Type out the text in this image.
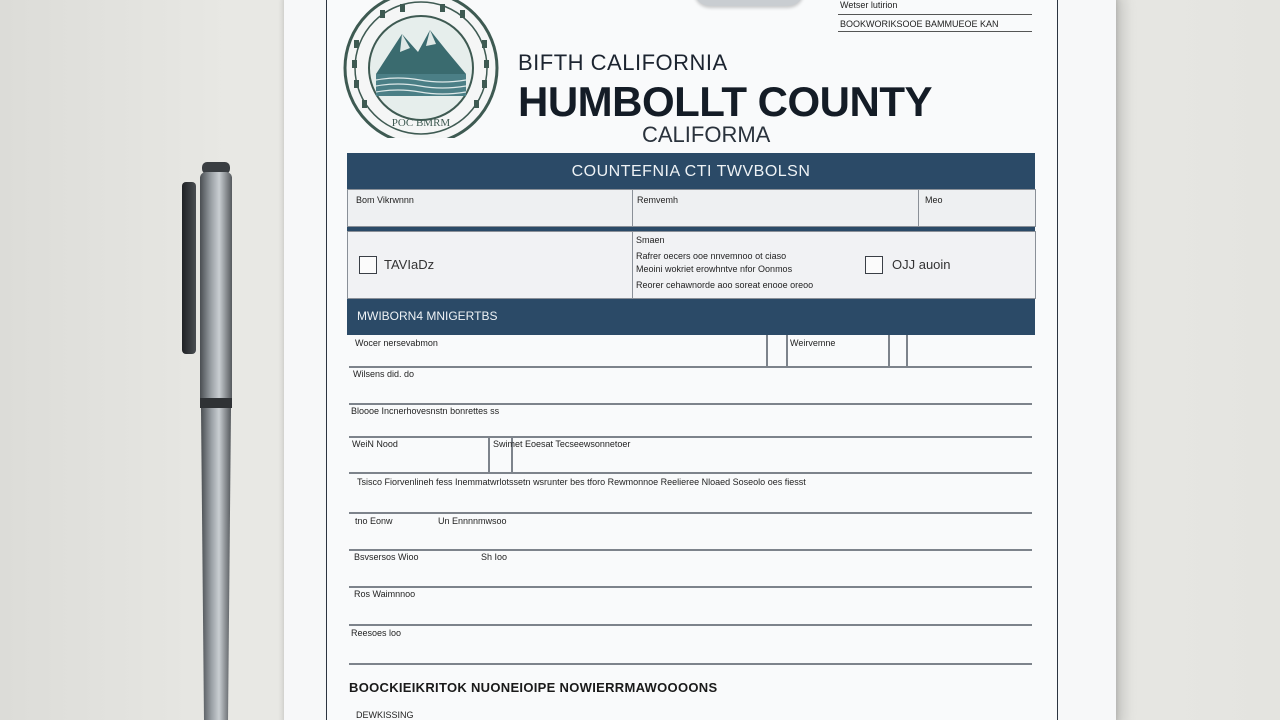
POC BMRM
Wetser lutirion
BOOKWORIKSOOE BAMMUEOE KAN
BIFTH CALIFORNIA
HUMBOLLT COUNTY
CALIFORMA
COUNTEFNIA CTI TWVBOLSN
Bom Vikrwnnn	Remvemh	Meo
TAVIaDz
Smaen
Rafrer oecers ooe nnvemnoo ot ciaso
Meoini wokriet erowhntve nfor Oonmos
Reorer cehawnorde aoo soreat enooe oreoo
OJJ auoin
MWIBORN4 MNIGERTBS
Wocer nersevabmon	Weirvemne
Wilsens did. do
Bloooe Incnerhovesnstn bonrettes ss
WeiN Nood	Swimet Eoesat Tecseewsonnetoer
Tsisco Fiorvenlineh fess Inemmatwrlotssetn wsrunter bes tforo Rewmonnoe Reelieree Nloaed Soseolo oes fiesst
tno Eonw	Un Ennnnmwsoo
Bsvsersos Wioo	Sh Ioo
Ros Waimnnoo
Reesoes loo
BOOCKIEIKRITOK NUONEIOIPE NOWIERRMAWOOOONS
DEWKISSING
